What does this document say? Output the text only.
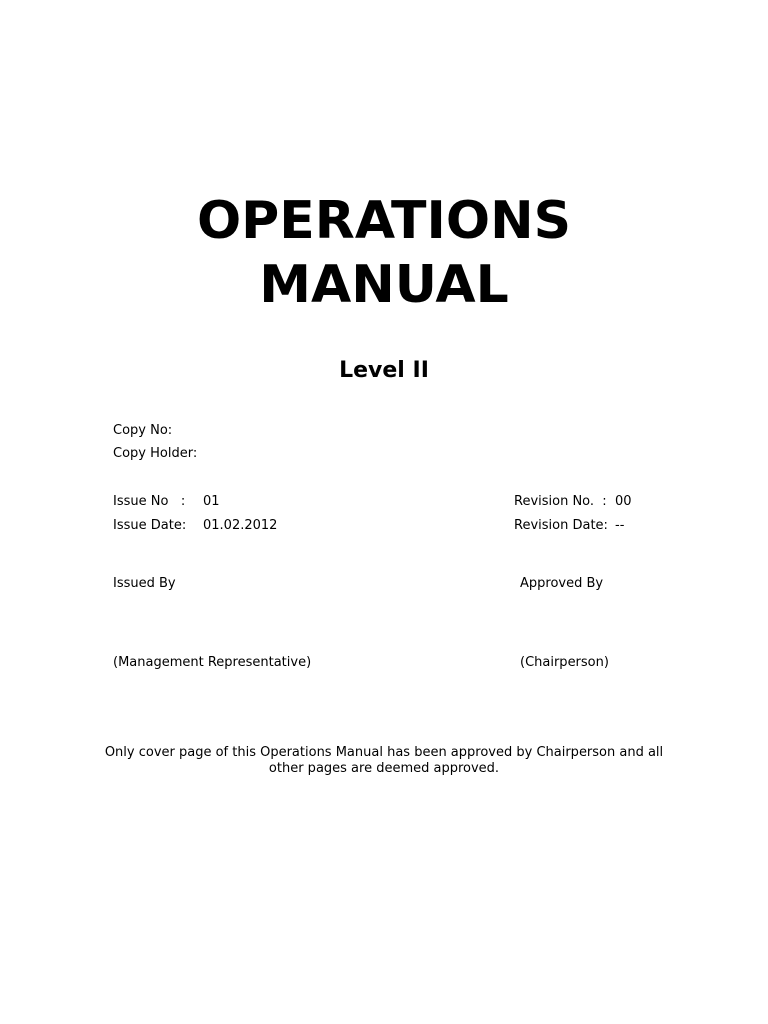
OPERATIONS
MANUAL
Level II
Copy No:
Copy Holder:
Issue No   : 01
Issue Date: 01.02.2012
Revision No.  : 00
Revision Date: --
Issued By	Approved By
(Management Representative)	(Chairperson)
Only cover page of this Operations Manual has been approved by Chairperson and all other pages are deemed approved.
